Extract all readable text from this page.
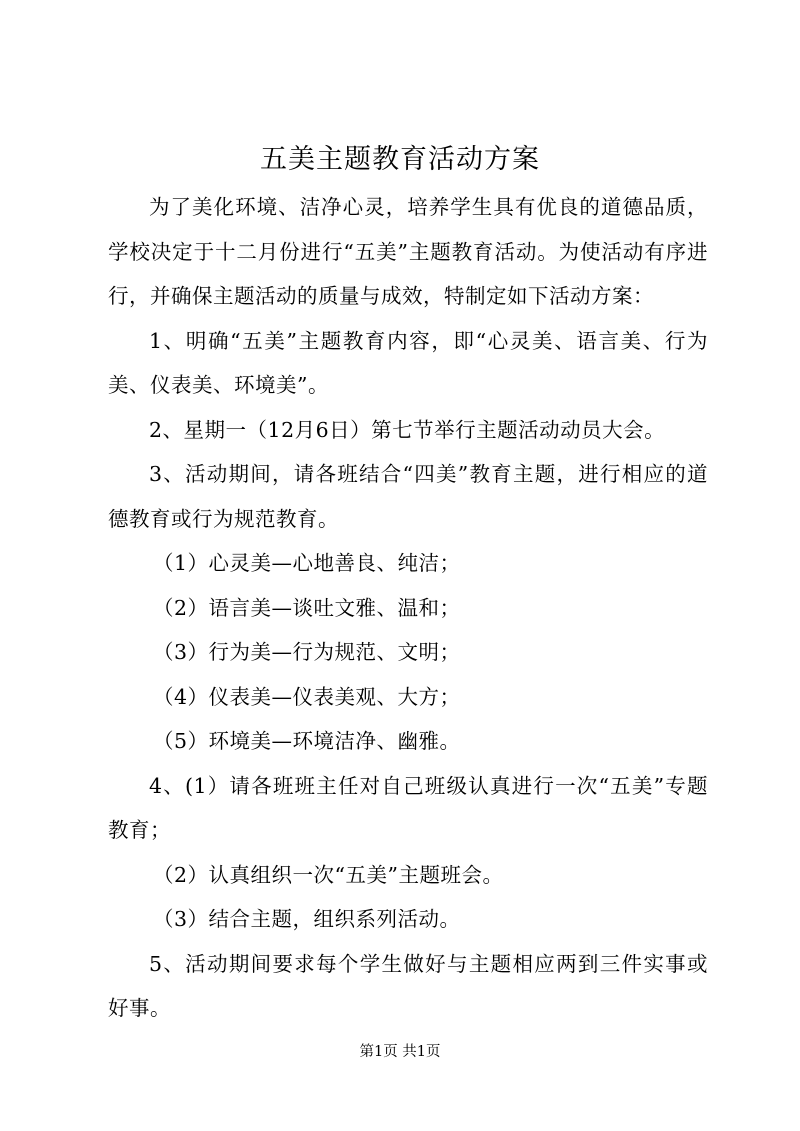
五美主题教育活动方案

为了美化环境、洁净心灵，培养学生具有优良的道德品质，学校决定于十二月份进行“五美”主题教育活动。为使活动有序进行，并确保主题活动的质量与成效，特制定如下活动方案：

1、明确“五美”主题教育内容，即“心灵美、语言美、行为美、仪表美、环境美”。

2、星期一（12月6日）第七节举行主题活动动员大会。

3、活动期间，请各班结合“四美”教育主题，进行相应的道德教育或行为规范教育。

（1）心灵美—心地善良、纯洁；

（2）语言美—谈吐文雅、温和；

（3）行为美—行为规范、文明；

（4）仪表美—仪表美观、大方；

（5）环境美—环境洁净、幽雅。

4、(1）请各班班主任对自己班级认真进行一次“五美”专题教育；

（2）认真组织一次“五美”主题班会。

（3）结合主题，组织系列活动。

5、活动期间要求每个学生做好与主题相应两到三件实事或好事。

第1页 共1页
